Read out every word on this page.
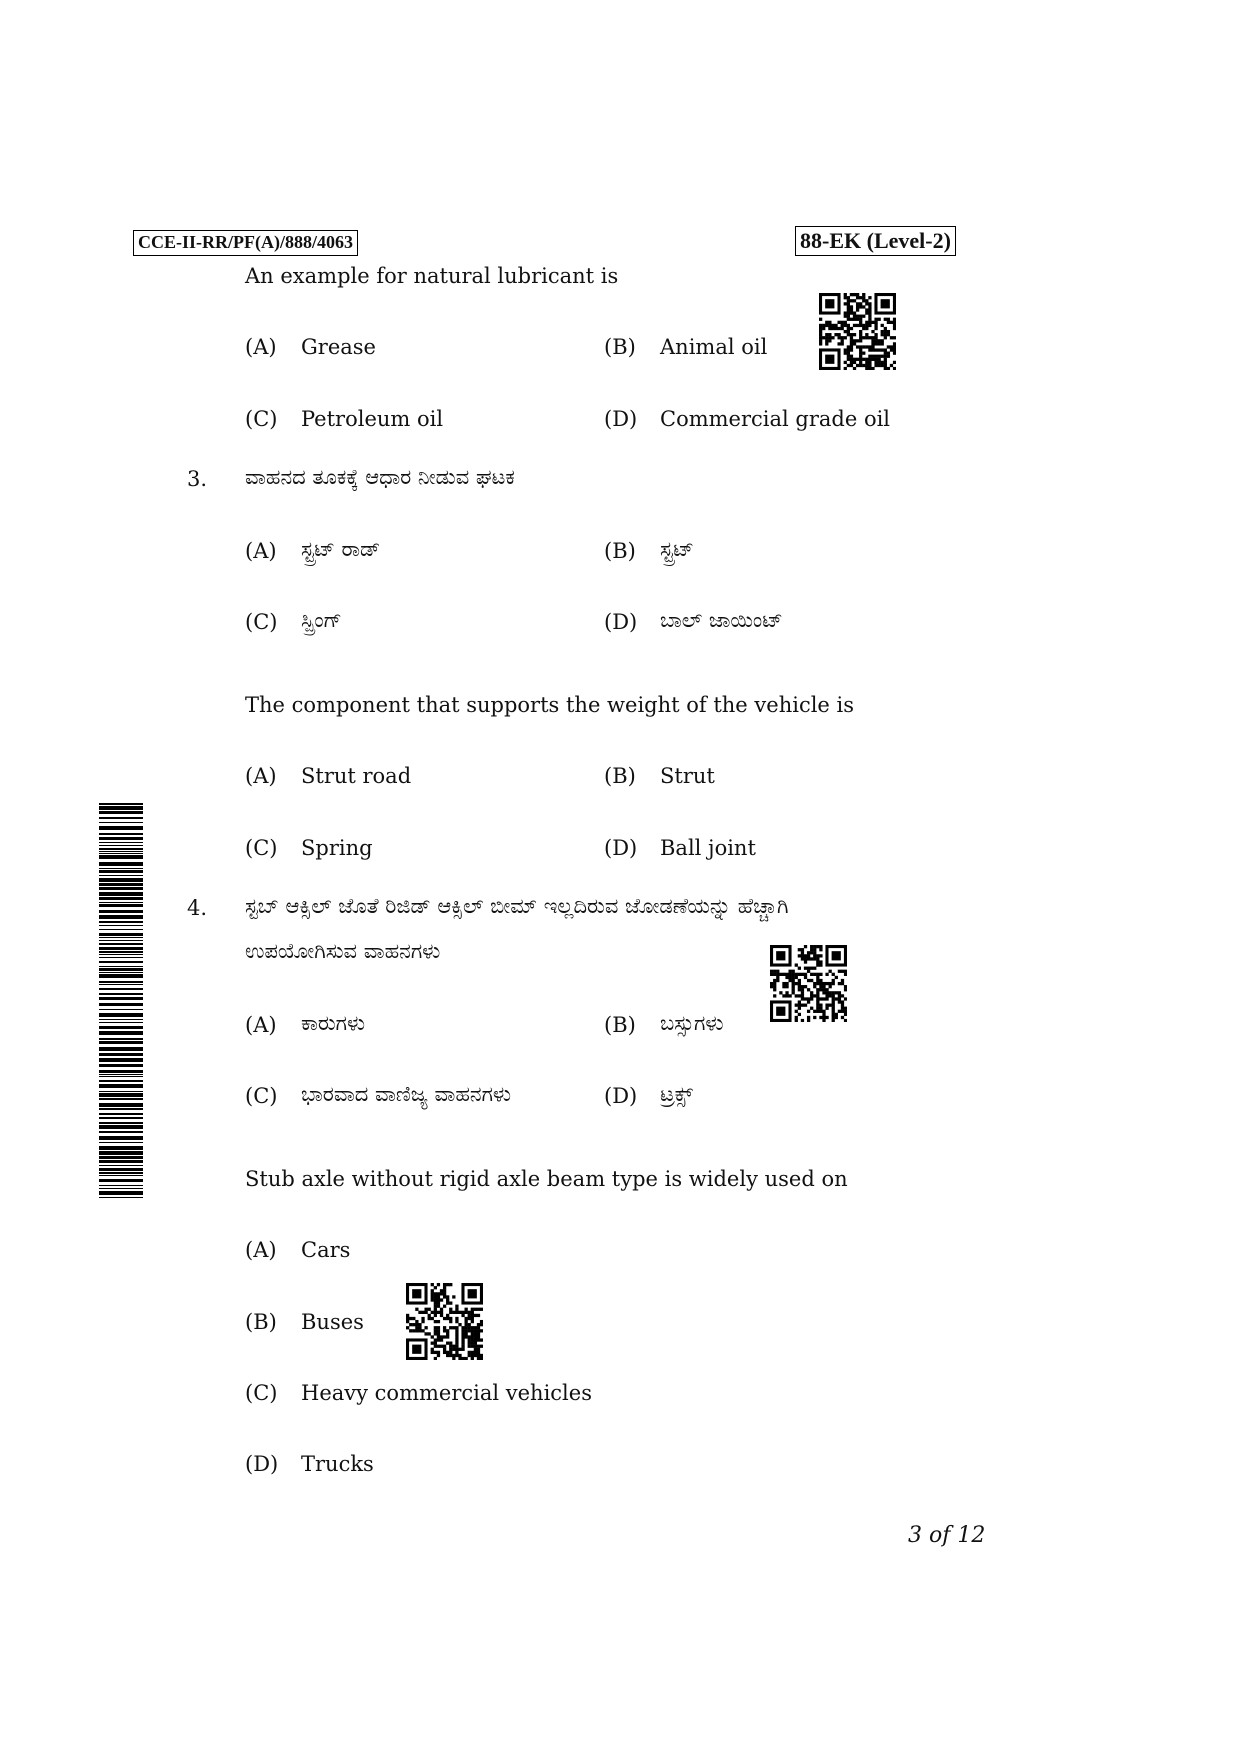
CCE-II-RR/PF(A)/888/4063	88-EK (Level-2)
An example for natural lubricant is
(A) Grease	(B) Animal oil
(C) Petroleum oil	(D) Commercial grade oil
3. ವಾಹನದ ತೂಕಕ್ಕೆ ಆಧಾರ ನೀಡುವ ಘಟಕ
(A) ಸ್ಟ್ರಟ್ ರಾಡ್	(B) ಸ್ಟ್ರಟ್
(C) ಸ್ಪ್ರಿಂಗ್	(D) ಬಾಲ್ ಜಾಯಿಂಟ್
The component that supports the weight of the vehicle is
(A) Strut road	(B) Strut
(C) Spring	(D) Ball joint
4. ಸ್ಟಬ್ ಆಕ್ಸಿಲ್ ಜೊತೆ ರಿಜಿಡ್ ಆಕ್ಸಿಲ್ ಬೀಮ್ ಇಲ್ಲದಿರುವ ಜೋಡಣೆಯನ್ನು ಹೆಚ್ಚಾಗಿ
ಉಪಯೋಗಿಸುವ ವಾಹನಗಳು
(A) ಕಾರುಗಳು	(B) ಬಸ್ಸುಗಳು
(C) ಭಾರವಾದ ವಾಣಿಜ್ಯ ವಾಹನಗಳು	(D) ಟ್ರಕ್ಸ್
Stub axle without rigid axle beam type is widely used on
(A) Cars
(B) Buses
(C) Heavy commercial vehicles
(D) Trucks
3 of 12
